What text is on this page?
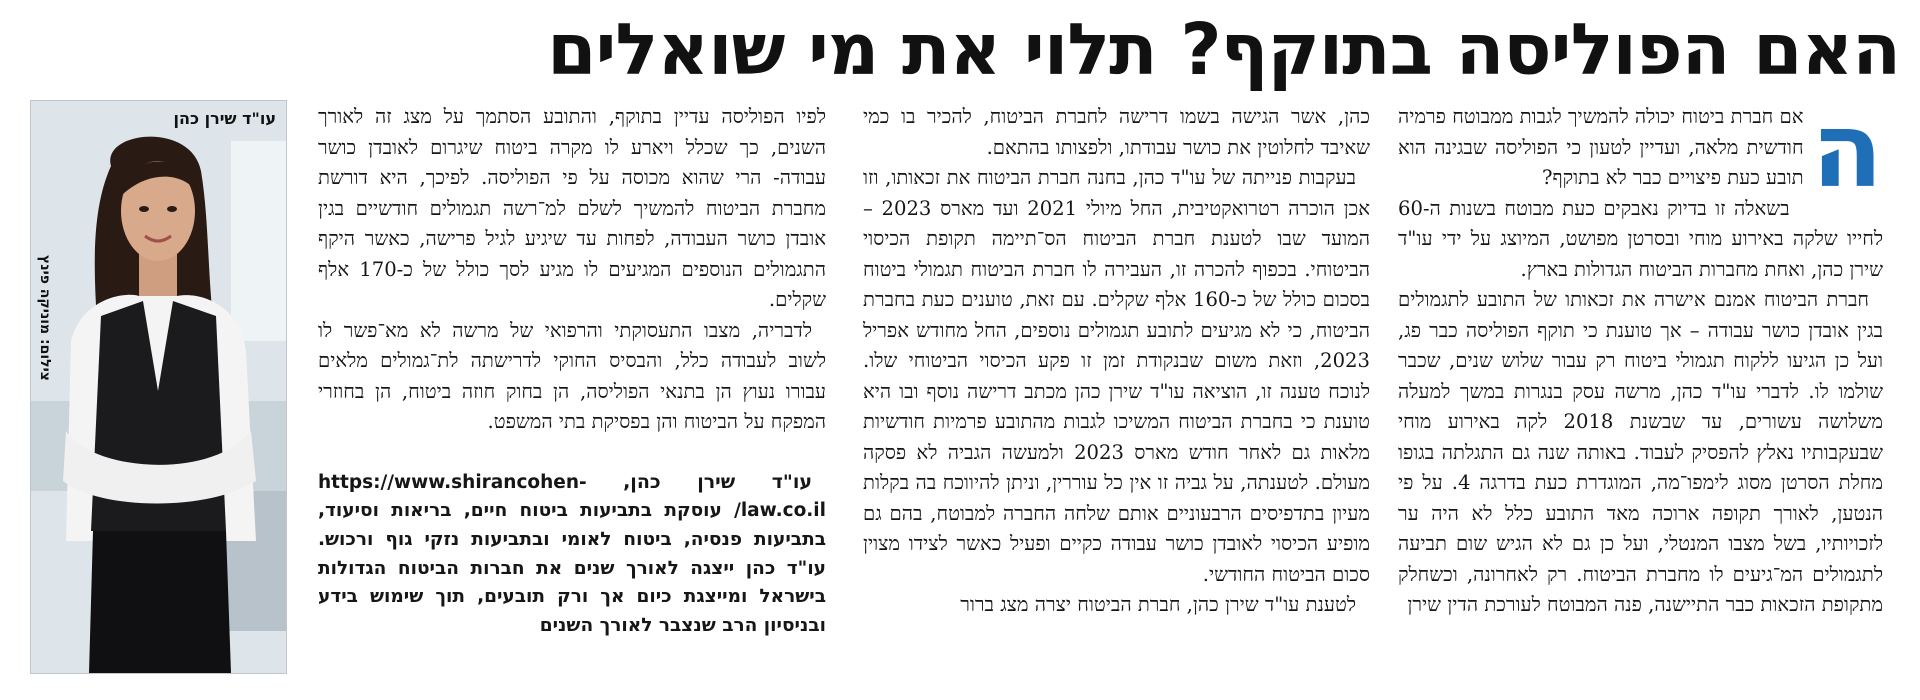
האם הפוליסה בתוקף? תלוי את מי שואלים

ה
אם חברת ביטוח יכולה להמשיך לגבות ממבוטח פרמיה חודשית מלאה, ועדיין לטעון כי הפוליסה שבגינה הוא תובע כעת פיצויים כבר לא בתוקף?

בשאלה זו בדיוק נאבקים כעת מבוטח בשנות ה-60 לחייו שלקה באירוע מוחי ובסרטן מפושט, המיוצג על ידי עו"ד שירן כהן, ואחת מחברות הביטוח הגדולות בארץ.

חברת הביטוח אמנם אישרה את זכאותו של התובע לתגמולים בגין אובדן כושר עבודה – אך טוענת כי תוקף הפוליסה כבר פג, ועל כן הגיעו ללקוח תגמולי ביטוח רק עבור שלוש שנים, שכבר שולמו לו. לדברי עו"ד כהן, מרשה עסק בנגרות במשך למעלה משלושה עשורים, עד שבשנת 2018 לקה באירוע מוחי שבעקבותיו נאלץ להפסיק לעבוד. באותה שנה גם התגלתה בגופו מחלת הסרטן מסוג לימפו־מה, המוגדרת כעת בדרגה 4. על פי הנטען, לאורך תקופה ארוכה מאד התובע כלל לא היה ער לזכויותיו, בשל מצבו המנטלי, ועל כן גם לא הגיש שום תביעה לתגמולים המ־גיעים לו מחברת הביטוח. רק לאחרונה, וכשחלק מתקופת הזכאות כבר התיישנה, פנה המבוטח לעורכת הדין שירן

כהן, אשר הגישה בשמו דרישה לחברת הביטוח, להכיר בו כמי שאיבד לחלוטין את כושר עבודתו, ולפצותו בהתאם.

בעקבות פנייתה של עו"ד כהן, בחנה חברת הביטוח את זכאותו, וזו אכן הוכרה רטרואקטיבית, החל מיולי 2021 ועד מארס 2023 – המועד שבו לטענת חברת הביטוח הס־תיימה תקופת הכיסוי הביטוחי. בכפוף להכרה זו, העבירה לו חברת הביטוח תגמולי ביטוח בסכום כולל של כ-160 אלף שקלים. עם זאת, טוענים כעת בחברת הביטוח, כי לא מגיעים לתובע תגמולים נוספים, החל מחודש אפריל 2023, וזאת משום שבנקודת זמן זו פקע הכיסוי הביטוחי שלו. לנוכח טענה זו, הוציאה עו"ד שירן כהן מכתב דרישה נוסף ובו היא טוענת כי בחברת הביטוח המשיכו לגבות מהתובע פרמיות חודשיות מלאות גם לאחר חודש מארס 2023 ולמעשה הגביה לא פסקה מעולם. לטענתה, על גביה זו אין כל עוררין, וניתן להיווכח בה בקלות מעיון בתדפיסים הרבעוניים אותם שלחה החברה למבוטח, בהם גם מופיע הכיסוי לאובדן כושר עבודה כקיים ופעיל כאשר לצידו מצוין סכום הביטוח החודשי.

לטענת עו"ד שירן כהן, חברת הביטוח יצרה מצג ברור

לפיו הפוליסה עדיין בתוקף, והתובע הסתמך על מצג זה לאורך השנים, כך שכלל ויארע לו מקרה ביטוח שיגרום לאובדן כושר עבודה- הרי שהוא מכוסה על פי הפוליסה. לפיכך, היא דורשת מחברת הביטוח להמשיך לשלם למ־רשה תגמולים חודשיים בגין אובדן כושר העבודה, לפחות עד שיגיע לגיל פרישה, כאשר היקף התגמולים הנוספים המגיעים לו מגיע לסך כולל של כ-170 אלף שקלים.

לדבריה, מצבו התעסוקתי והרפואי של מרשה לא מא־פשר לו לשוב לעבודה כלל, והבסיס החוקי לדרישתה לת־גמולים מלאים עבורו נעוץ הן בתנאי הפוליסה, הן בחוק חוזה ביטוח, הן בחוזרי המפקח על הביטוח והן בפסיקת בתי המשפט.

עו"ד שירן כהן, https://www.shirancohen-law.co.il/ עוסקת בתביעות ביטוח חיים, בריאות וסיעוד, בתביעות פנסיה, ביטוח לאומי ובתביעות נזקי גוף ורכוש. עו"ד כהן ייצגה לאורך שנים את חברות הביטוח הגדולות בישראל ומייצגת כיום אך ורק תובעים, תוך שימוש בידע ובניסיון הרב שנצבר לאורך השנים

עו"ד שירן כהן
צילום: מוניקה פינץ
